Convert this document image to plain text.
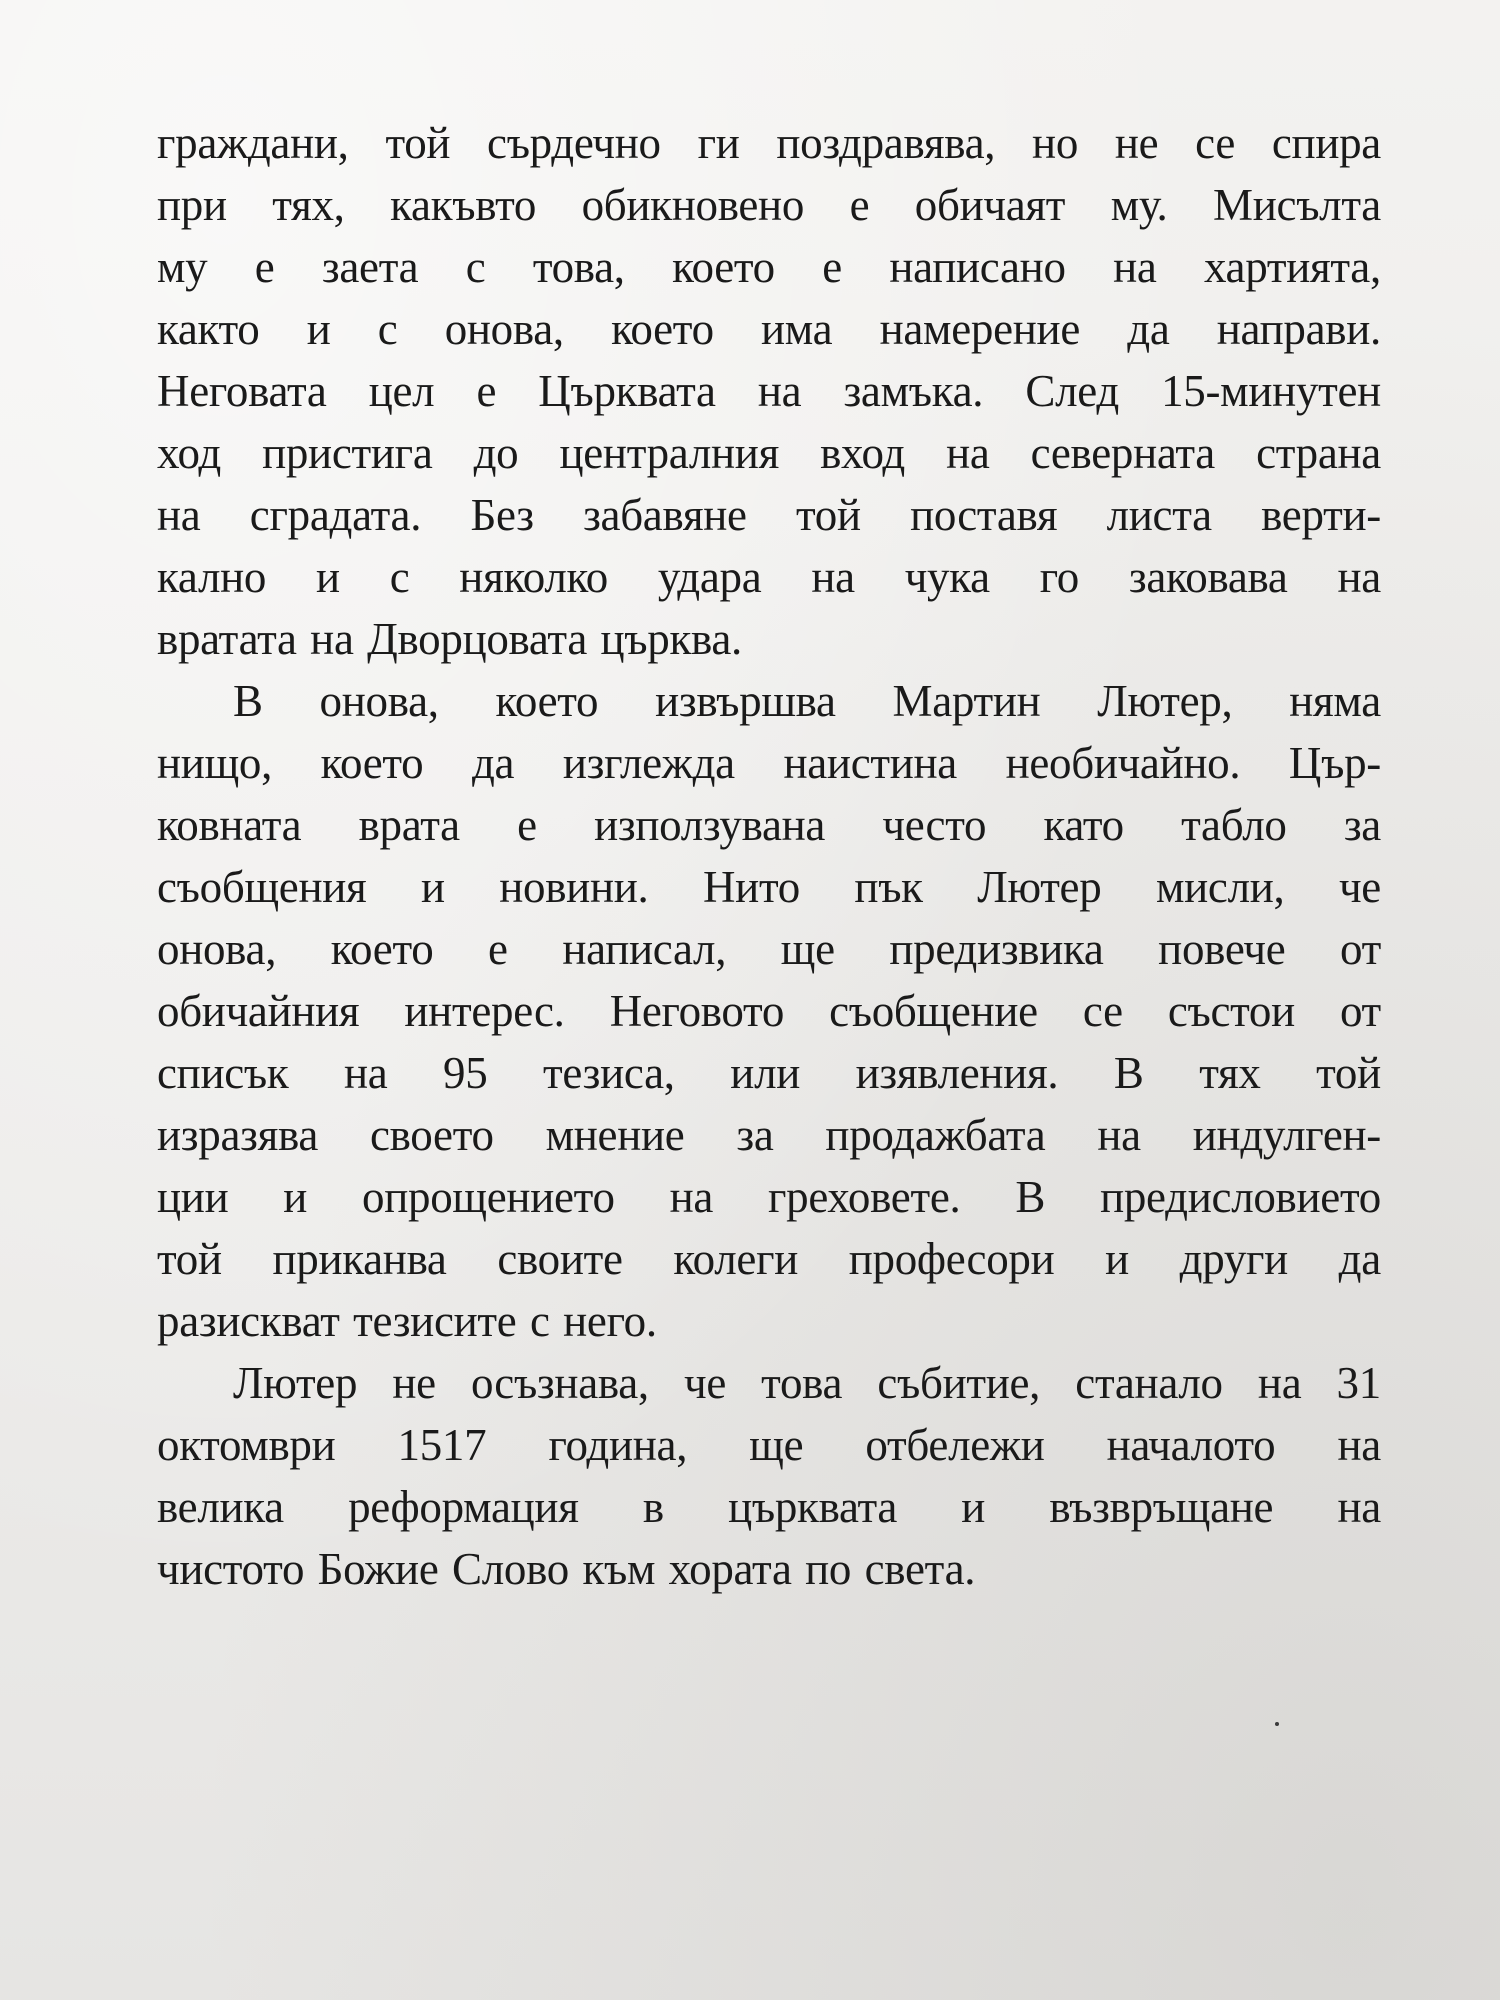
граждани, той сърдечно ги поздравява, но не се спира
при тях, какъвто обикновено е обичаят му. Мисълта
му е заета с това, което е написано на хартията,
както и с онова, което има намерение да направи.
Неговата цел е Църквата на замъка. След 15-минутен
ход пристига до централния вход на северната страна
на сградата. Без забавяне той поставя листа верти-
кално и с няколко удара на чука го заковава на
вратата на Дворцовата църква.
В онова, което извършва Мартин Лютер, няма
нищо, което да изглежда наистина необичайно. Цър-
ковната врата е използувана често като табло за
съобщения и новини. Нито пък Лютер мисли, че
онова, което е написал, ще предизвика повече от
обичайния интерес. Неговото съобщение се състои от
списък на 95 тезиса, или изявления. В тях той
изразява своето мнение за продажбата на индулген-
ции и опрощението на греховете. В предисловието
той приканва своите колеги професори и други да
разискват тезисите с него.
Лютер не осъзнава, че това събитие, станало на 31
октомври 1517 година, ще отбележи началото на
велика реформация в църквата и възвръщане на
чистото Божие Слово към хората по света.
